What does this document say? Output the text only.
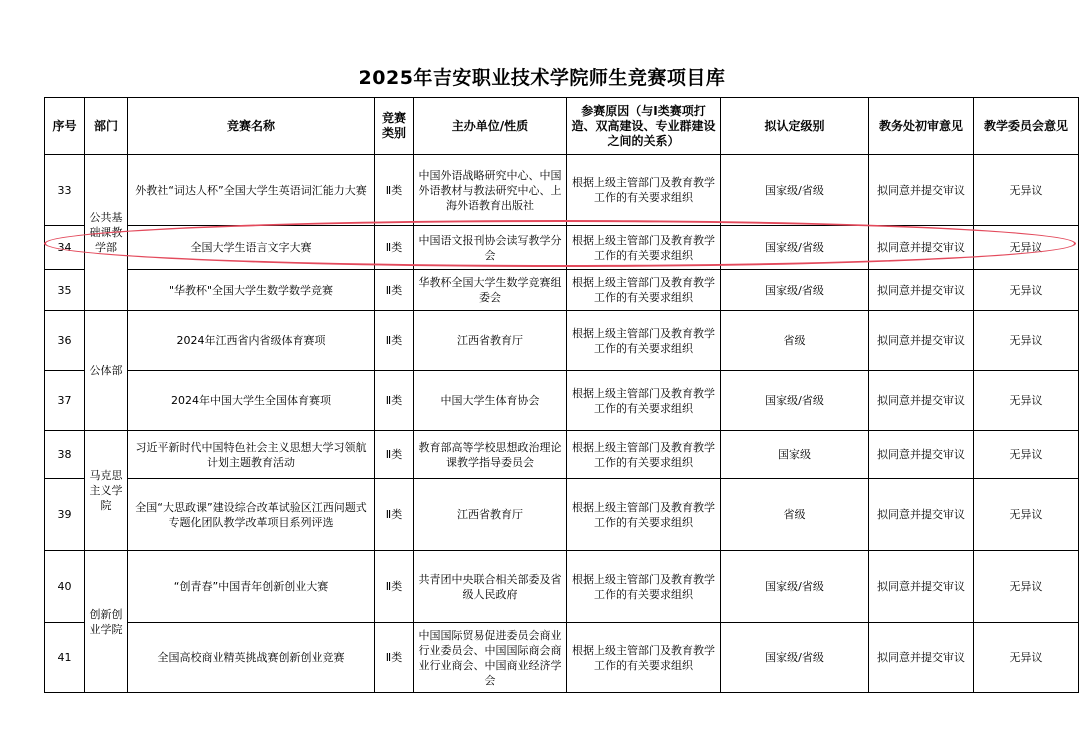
2025年吉安职业技术学院师生竞赛项目库
序号	部门	竞赛名称	竞赛类别	主办单位/性质	参赛原因（与Ⅰ类赛项打造、双高建设、专业群建设之间的关系）	拟认定级别	教务处初审意见	教学委员会意见
33	公共基础课教学部	外教社“词达人杯”全国大学生英语词汇能力大赛	Ⅱ类	中国外语战略研究中心、中国外语教材与教法研究中心、上海外语教育出版社	根据上级主管部门及教育教学工作的有关要求组织	国家级/省级	拟同意并提交审议	无异议
34		全国大学生语言文字大赛	Ⅱ类	中国语文报刊协会读写教学分会	根据上级主管部门及教育教学工作的有关要求组织	国家级/省级	拟同意并提交审议	无异议
35		"华教杯"全国大学生数学数学竞赛	Ⅱ类	华教杯全国大学生数学竞赛组委会	根据上级主管部门及教育教学工作的有关要求组织	国家级/省级	拟同意并提交审议	无异议
36	公体部	2024年江西省内省级体育赛项	Ⅱ类	江西省教育厅	根据上级主管部门及教育教学工作的有关要求组织	省级	拟同意并提交审议	无异议
37		2024年中国大学生全国体育赛项	Ⅱ类	中国大学生体育协会	根据上级主管部门及教育教学工作的有关要求组织	国家级/省级	拟同意并提交审议	无异议
38	马克思主义学院	习近平新时代中国特色社会主义思想大学习领航计划主题教育活动	Ⅱ类	教育部高等学校思想政治理论课教学指导委员会	根据上级主管部门及教育教学工作的有关要求组织	国家级	拟同意并提交审议	无异议
39		全国“大思政课”建设综合改革试验区江西问题式专题化团队教学改革项目系列评选	Ⅱ类	江西省教育厅	根据上级主管部门及教育教学工作的有关要求组织	省级	拟同意并提交审议	无异议
40	创新创业学院	“创青春”中国青年创新创业大赛	Ⅱ类	共青团中央联合相关部委及省级人民政府	根据上级主管部门及教育教学工作的有关要求组织	国家级/省级	拟同意并提交审议	无异议
41		全国高校商业精英挑战赛创新创业竞赛	Ⅱ类	中国国际贸易促进委员会商业行业委员会、中国国际商会商业行业商会、中国商业经济学会	根据上级主管部门及教育教学工作的有关要求组织	国家级/省级	拟同意并提交审议	无异议
